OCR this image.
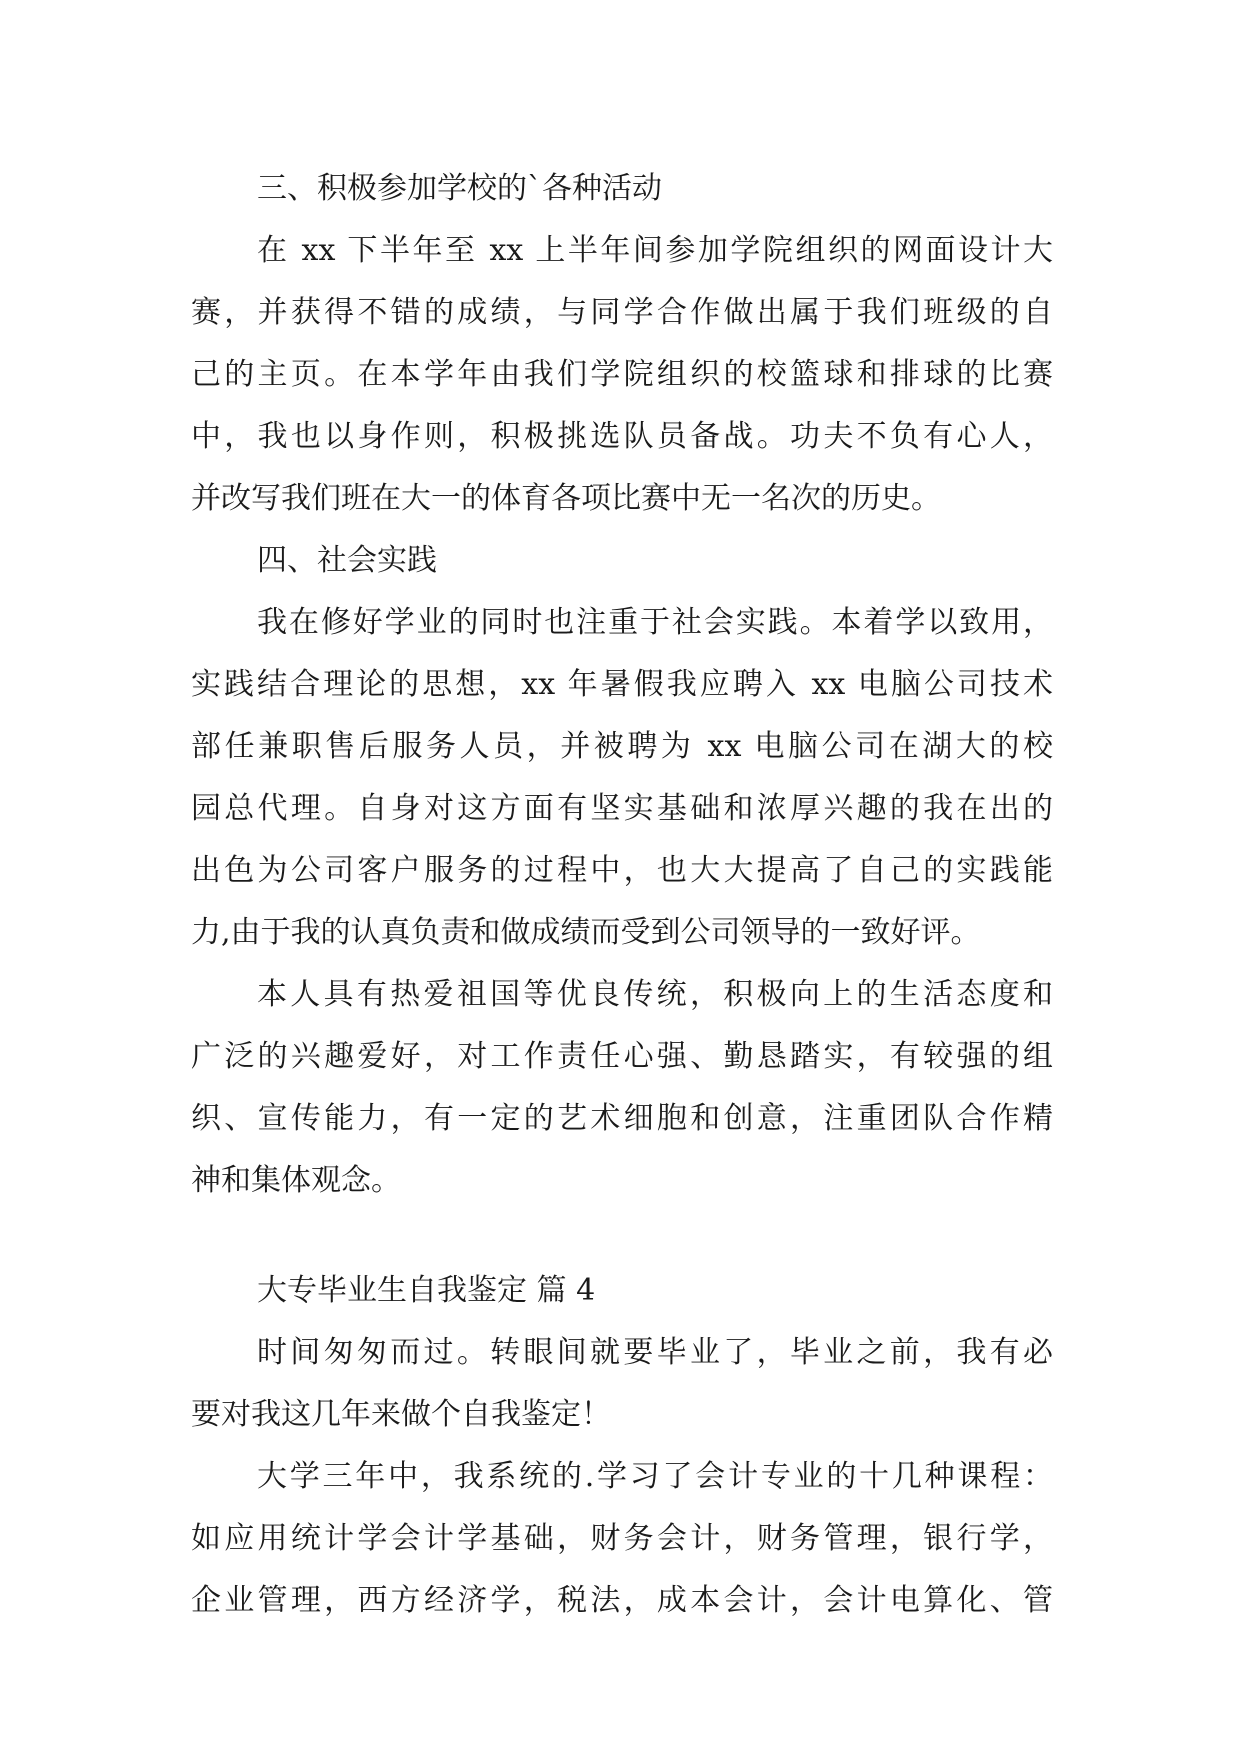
三、积极参加学校的`各种活动
在 xx 下半年至 xx 上半年间参加学院组织的网面设计大
赛，并获得不错的成绩，与同学合作做出属于我们班级的自
己的主页。在本学年由我们学院组织的校篮球和排球的比赛
中，我也以身作则，积极挑选队员备战。功夫不负有心人，
并改写我们班在大一的体育各项比赛中无一名次的历史。
四、社会实践
我在修好学业的同时也注重于社会实践。本着学以致用，
实践结合理论的思想，xx 年暑假我应聘入 xx 电脑公司技术
部任兼职售后服务人员，并被聘为 xx 电脑公司在湖大的校
园总代理。自身对这方面有坚实基础和浓厚兴趣的我在出的
出色为公司客户服务的过程中，也大大提高了自己的实践能
力,由于我的认真负责和做成绩而受到公司领导的一致好评。
本人具有热爱祖国等优良传统，积极向上的生活态度和
广泛的兴趣爱好，对工作责任心强、勤恳踏实，有较强的组
织、宣传能力，有一定的艺术细胞和创意，注重团队合作精
神和集体观念。
大专毕业生自我鉴定 篇 4
时间匆匆而过。转眼间就要毕业了，毕业之前，我有必
要对我这几年来做个自我鉴定！
大学三年中，我系统的.学习了会计专业的十几种课程：
如应用统计学会计学基础，财务会计，财务管理，银行学，
企业管理，西方经济学，税法，成本会计，会计电算化、管
